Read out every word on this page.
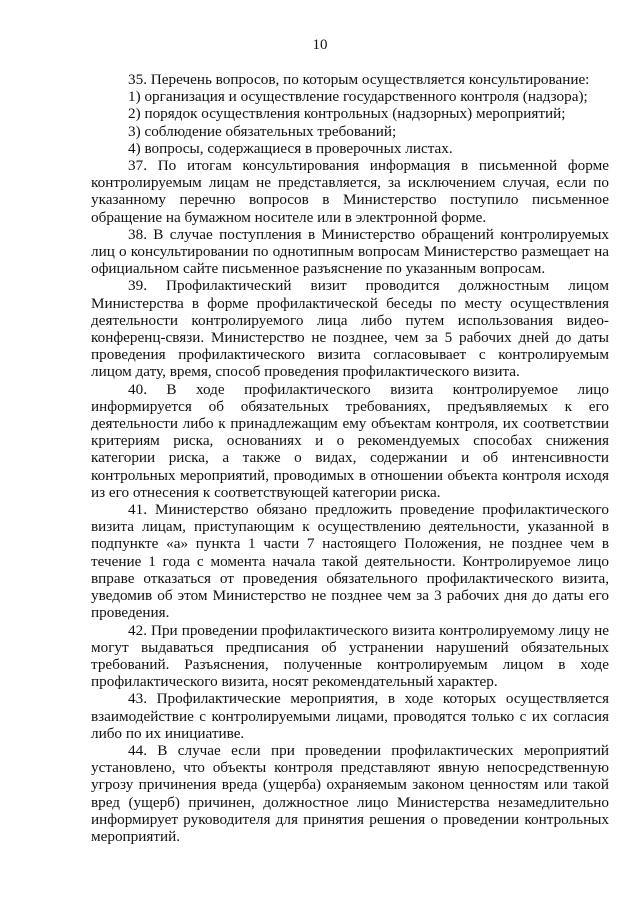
10

35. Перечень вопросов, по которым осуществляется консультирование:

1) организация и осуществление государственного контроля (надзора);

2) порядок осуществления контрольных (надзорных) мероприятий;

3) соблюдение обязательных требований;

4) вопросы, содержащиеся в проверочных листах.

37. По итогам консультирования информация в письменной форме контролируемым лицам не представляется, за исключением случая, если по указанному перечню вопросов в Министерство поступило письменное обращение на бумажном носителе или в электронной форме.

38. В случае поступления в Министерство обращений контролируемых лиц о консультировании по однотипным вопросам Министерство размещает на официальном сайте письменное разъяснение по указанным вопросам.

39. Профилактический визит проводится должностным лицом Министерства в форме профилактической беседы по месту осуществления деятельности контролируемого лица либо путем использования видео-конференц-связи. Министерство не позднее, чем за 5 рабочих дней до даты проведения профилактического визита согласовывает с контролируемым лицом дату, время, способ проведения профилактического визита.

40. В ходе профилактического визита контролируемое лицо информируется об обязательных требованиях, предъявляемых к его деятельности либо к принадлежащим ему объектам контроля, их соответствии критериям риска, основаниях и о рекомендуемых способах снижения категории риска, а также о видах, содержании и об интенсивности контрольных мероприятий, проводимых в отношении объекта контроля исходя из его отнесения к соответствующей категории риска.

41. Министерство обязано предложить проведение профилактического визита лицам, приступающим к осуществлению деятельности, указанной в подпункте «а» пункта 1 части 7 настоящего Положения, не позднее чем в течение 1 года с момента начала такой деятельности. Контролируемое лицо вправе отказаться от проведения обязательного профилактического визита, уведомив об этом Министерство не позднее чем за 3 рабочих дня до даты его проведения.

42. При проведении профилактического визита контролируемому лицу не могут выдаваться предписания об устранении нарушений обязательных требований. Разъяснения, полученные контролируемым лицом в ходе профилактического визита, носят рекомендательный характер.

43. Профилактические мероприятия, в ходе которых осуществляется взаимодействие с контролируемыми лицами, проводятся только с их согласия либо по их инициативе.

44. В случае если при проведении профилактических мероприятий установлено, что объекты контроля представляют явную непосредственную угрозу причинения вреда (ущерба) охраняемым законом ценностям или такой вред (ущерб) причинен, должностное лицо Министерства незамедлительно информирует руководителя для принятия решения о проведении контрольных мероприятий.
